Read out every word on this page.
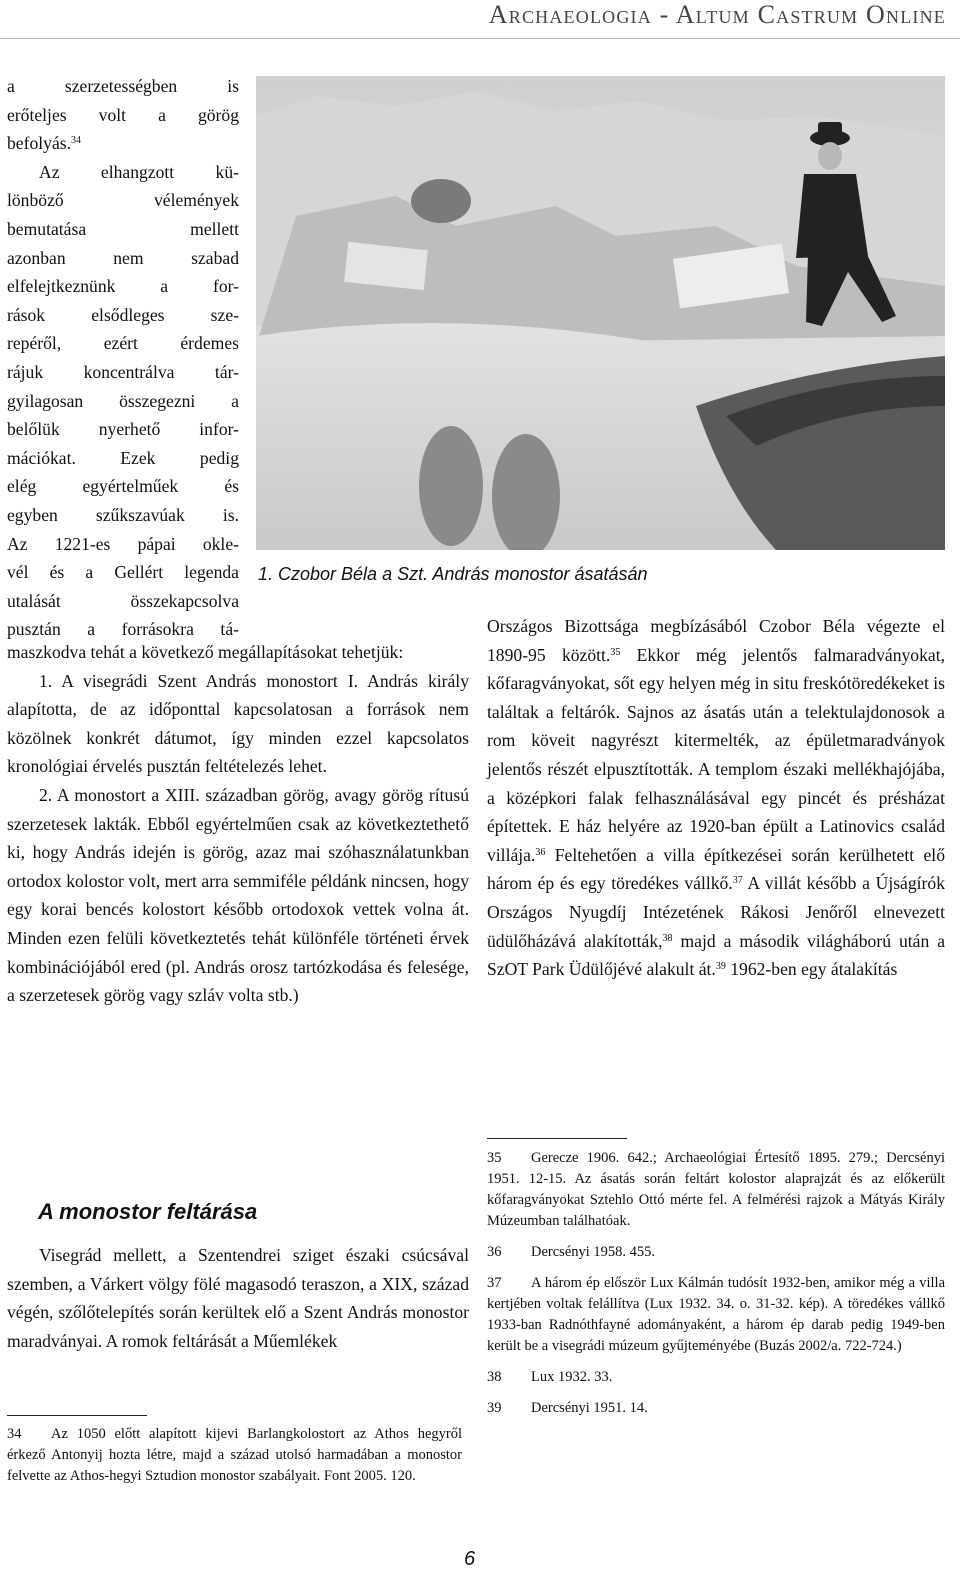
Archaeologia - Altum Castrum Online

a szerzetességben is

erőteljes volt a görög

befolyás.$^{34}$

Az elhangzott kü-

lönböző vélemények

bemutatása mellett

azonban nem szabad

elfelejtkeznünk a for-

rások elsődleges sze-

repéről, ezért érdemes

rájuk koncentrálva tár-

gyilagosan összegezni a

belőlük nyerhető infor-

mációkat. Ezek pedig

elég egyértelműek és

egyben szűkszavúak is.

Az 1221-es pápai okle-

vél és a Gellért legenda

utalását összekapcsolva

pusztán a forrásokra tá-

1. Czobor Béla a Szt. András monostor ásatásán

maszkodva tehát a következő megállapításokat tehetjük:

1. A visegrádi Szent András monostort I. András király alapította, de az időponttal kapcsolatosan a források nem közölnek konkrét dátumot, így minden ezzel kapcsolatos kronológiai érvelés pusztán feltételezés lehet.

2. A monostort a XIII. században görög, avagy görög rítusú szerzetesek lakták. Ebből egyértelműen csak az következtethető ki, hogy András idején is görög, azaz mai szóhasználatunkban ortodox kolostor volt, mert arra semmiféle példánk nincsen, hogy egy korai bencés kolostort később ortodoxok vettek volna át. Minden ezen felüli következtetés tehát különféle történeti érvek kombinációjából ered (pl. András orosz tartózkodása és felesége, a szerzetesek görög vagy szláv volta stb.)

A monostor feltárása

Visegrád mellett, a Szentendrei sziget északi csúcsával szemben, a Várkert völgy fölé magasodó teraszon, a XIX, század végén, szőlőtelepítés során kerültek elő a Szent András monostor maradványai. A romok feltárását a Műemlékek

Országos Bizottsága megbízásából Czobor Béla végezte el 1890-95 között.$^{35}$ Ekkor még jelentős falmaradványokat, kőfaragványokat, sőt egy helyen még in situ freskótöredékeket is találtak a feltárók. Sajnos az ásatás után a telektulajdonosok a rom köveit nagyrészt kitermelték, az épületmaradványok jelentős részét elpusztították. A templom északi mellékhajójába, a középkori falak felhasználásával egy pincét és présházat építettek. E ház helyére az 1920-ban épült a Latinovics család villája.$^{36}$ Feltehetően a villa építkezései során kerülhetett elő három ép és egy töredékes vállkő.$^{37}$ A villát később a Újságírók Országos Nyugdíj Intézetének Rákosi Jenőről elnevezett üdülőházává alakították,$^{38}$ majd a második világháború után a SzOT Park Üdülőjévé alakult át.$^{39}$ 1962-ben egy átalakítás

34 Az 1050 előtt alapított kijevi Barlangkolostort az Athos hegyről érkező Antonyij hozta létre, majd a század utolsó harmadában a monostor felvette az Athos-hegyi Sztudion monostor szabályait. Font 2005. 120.

35 Gerecze 1906. 642.; Archaeológiai Értesítő 1895. 279.; Dercsényi 1951. 12-15. Az ásatás során feltárt kolostor alaprajzát és az előkerült kőfaragványokat Sztehlo Ottó mérte fel. A felmérési rajzok a Mátyás Király Múzeumban találhatóak.

36 Dercsényi 1958. 455.

37 A három ép először Lux Kálmán tudósít 1932-ben, amikor még a villa kertjében voltak felállítva (Lux 1932. 34. o. 31-32. kép). A töredékes vállkő 1933-ban Radnóthfayné adományaként, a három ép darab pedig 1949-ben került be a visegrádi múzeum gyűjteményébe (Buzás 2002/a. 722-724.)

38 Lux 1932. 33.

39 Dercsényi 1951. 14.

6
